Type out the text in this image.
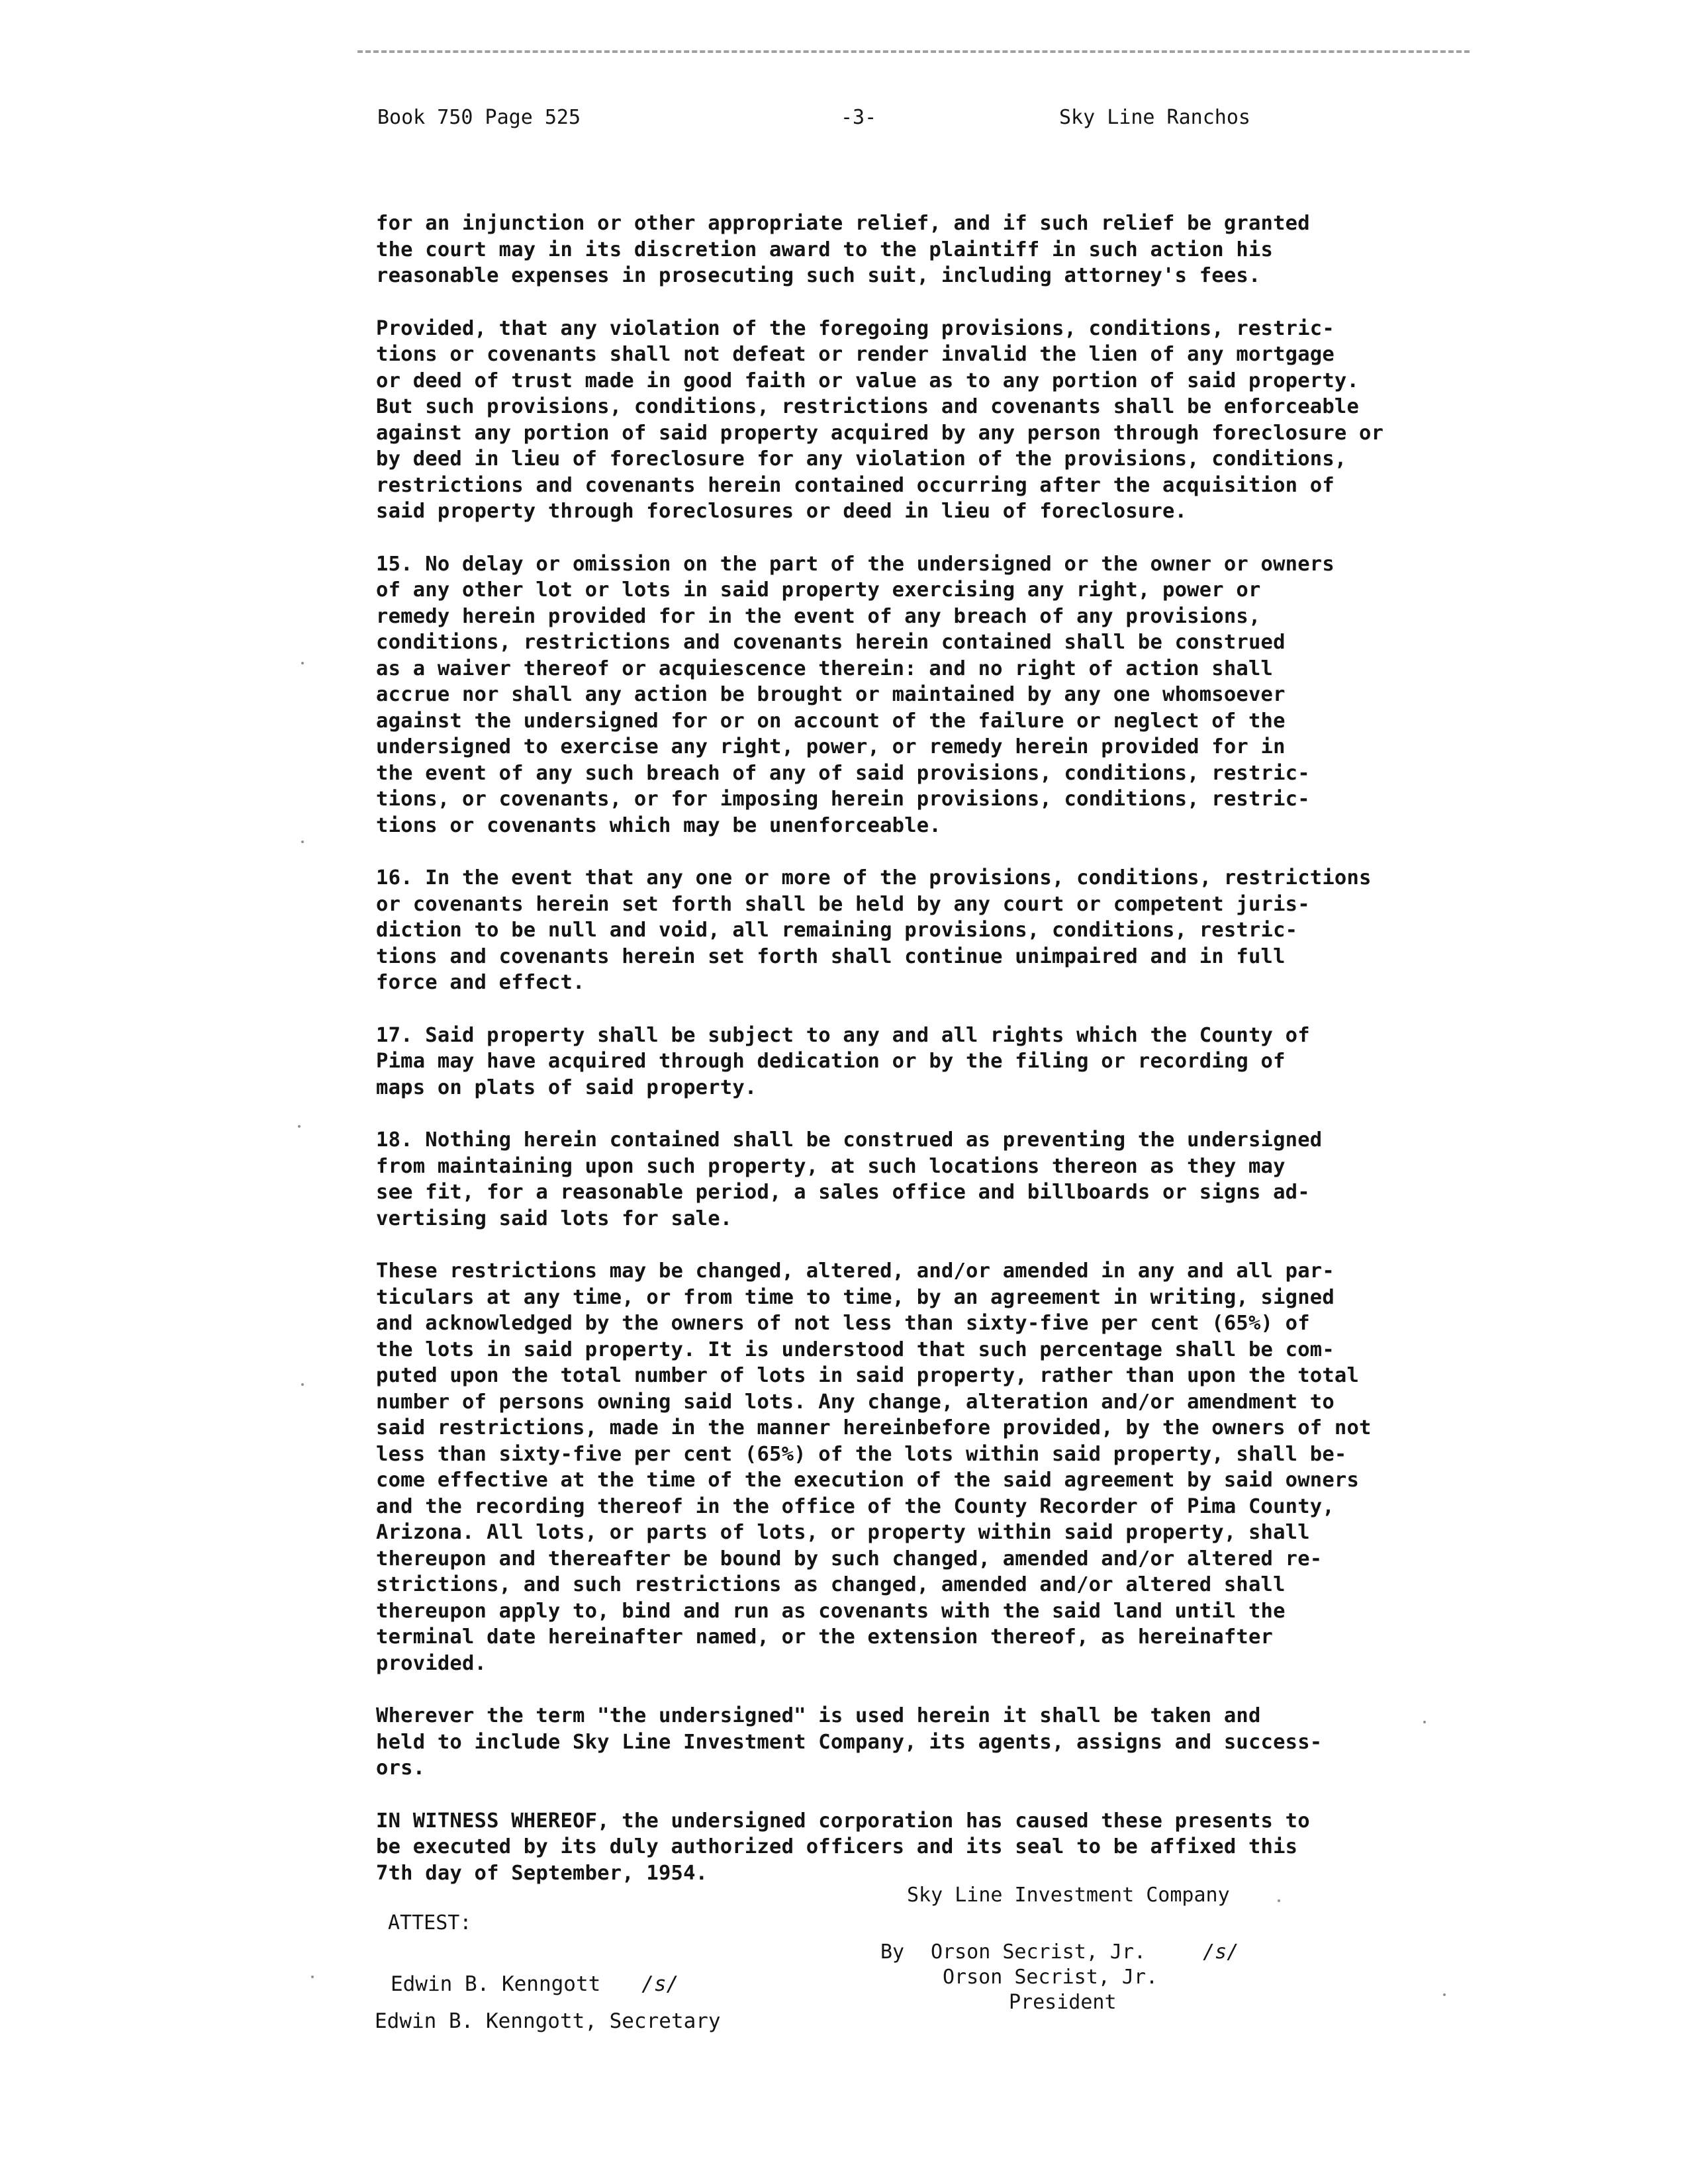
Book 750 Page 525	-3-	Sky Line Ranchos

for an injunction or other appropriate relief, and if such relief be granted
the court may in its discretion award to the plaintiff in such action his
reasonable expenses in prosecuting such suit, including attorney's fees.

Provided, that any violation of the foregoing provisions, conditions, restric-
tions or covenants shall not defeat or render invalid the lien of any mortgage
or deed of trust made in good faith or value as to any portion of said property.
But such provisions, conditions, restrictions and covenants shall be enforceable
against any portion of said property acquired by any person through foreclosure or
by deed in lieu of foreclosure for any violation of the provisions, conditions,
restrictions and covenants herein contained occurring after the acquisition of
said property through foreclosures or deed in lieu of foreclosure.

15. No delay or omission on the part of the undersigned or the owner or owners
of any other lot or lots in said property exercising any right, power or
remedy herein provided for in the event of any breach of any provisions,
conditions, restrictions and covenants herein contained shall be construed
as a waiver thereof or acquiescence therein: and no right of action shall
accrue nor shall any action be brought or maintained by any one whomsoever
against the undersigned for or on account of the failure or neglect of the
undersigned to exercise any right, power, or remedy herein provided for in
the event of any such breach of any of said provisions, conditions, restric-
tions, or covenants, or for imposing herein provisions, conditions, restric-
tions or covenants which may be unenforceable.

16. In the event that any one or more of the provisions, conditions, restrictions
or covenants herein set forth shall be held by any court or competent juris-
diction to be null and void, all remaining provisions, conditions, restric-
tions and covenants herein set forth shall continue unimpaired and in full
force and effect.

17. Said property shall be subject to any and all rights which the County of
Pima may have acquired through dedication or by the filing or recording of
maps on plats of said property.

18. Nothing herein contained shall be construed as preventing the undersigned
from maintaining upon such property, at such locations thereon as they may
see fit, for a reasonable period, a sales office and billboards or signs ad-
vertising said lots for sale.

These restrictions may be changed, altered, and/or amended in any and all par-
ticulars at any time, or from time to time, by an agreement in writing, signed
and acknowledged by the owners of not less than sixty-five per cent (65%) of
the lots in said property. It is understood that such percentage shall be com-
puted upon the total number of lots in said property, rather than upon the total
number of persons owning said lots. Any change, alteration and/or amendment to
said restrictions, made in the manner hereinbefore provided, by the owners of not
less than sixty-five per cent (65%) of the lots within said property, shall be-
come effective at the time of the execution of the said agreement by said owners
and the recording thereof in the office of the County Recorder of Pima County,
Arizona. All lots, or parts of lots, or property within said property, shall
thereupon and thereafter be bound by such changed, amended and/or altered re-
strictions, and such restrictions as changed, amended and/or altered shall
thereupon apply to, bind and run as covenants with the said land until the
terminal date hereinafter named, or the extension thereof, as hereinafter
provided.

Wherever the term "the undersigned" is used herein it shall be taken and
held to include Sky Line Investment Company, its agents, assigns and success-
ors.

IN WITNESS WHEREOF, the undersigned corporation has caused these presents to
be executed by its duly authorized officers and its seal to be affixed this
7th day of September, 1954.

Sky Line Investment Company
ATTEST:
By Orson Secrist, Jr.	/s/
Orson Secrist, Jr.
President
Edwin B. Kenngott /s/
Edwin B. Kenngott, Secretary
